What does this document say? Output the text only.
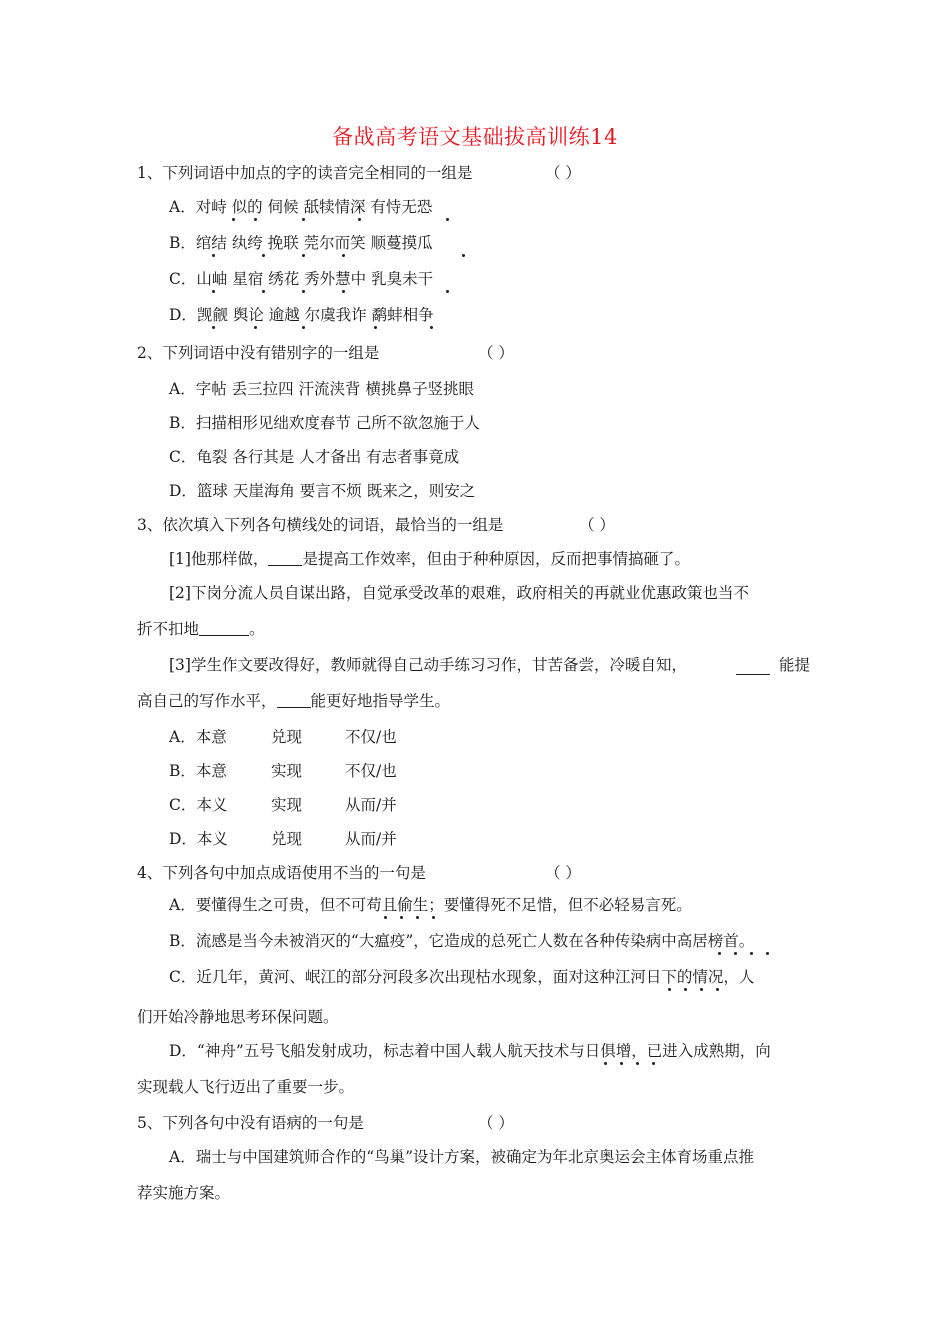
备战高考语文基础拔高训练14
1、下列词语中加点的字的读音完全相同的一组是	（ ）
A．对峙 似的 伺候 舐犊情深 有恃无恐
B．绾结 纨绔 挽联 莞尔而笑 顺蔓摸瓜
C．山岫 星宿 绣花 秀外慧中 乳臭未干
D．觊觎 舆论 逾越 尔虞我诈 鹬蚌相争
2、下列词语中没有错别字的一组是	（ ）
A．字帖 丢三拉四 汗流浃背 横挑鼻子竖挑眼
B．扫描相形见绌欢度春节 己所不欲忽施于人
C．龟裂 各行其是 人才备出 有志者事竟成
D．篮球 天崖海角 要言不烦 既来之，则安之
3、依次填入下列各句横线处的词语，最恰当的一组是	（ ）
[1]他那样做， 是提高工作效率，但由于种种原因，反而把事情搞砸了。
[2]下岗分流人员自谋出路，自觉承受改革的艰难，政府相关的再就业优惠政策也当不
折不扣地	。
[3]学生作文要改得好，教师就得自己动手练习习作，甘苦备尝，冷暖自知，	能提
高自己的写作水平， 能更好地指导学生。
A．本意	兑现	不仅/也
B．本意	实现	不仅/也
C．本义	实现	从而/并
D．本义	兑现	从而/并
4、下列各句中加点成语使用不当的一句是	（ ）
A．要懂得生之可贵，但不可苟且偷生；要懂得死不足惜，但不必轻易言死。
B．流感是当今未被消灭的“大瘟疫”，它造成的总死亡人数在各种传染病中高居榜首。
C．近几年，黄河、岷江的部分河段多次出现枯水现象，面对这种江河日下的情况，人
们开始冷静地思考环保问题。
D．“神舟”五号飞船发射成功，标志着中国人载人航天技术与日俱增，已进入成熟期，向
实现载人飞行迈出了重要一步。
5、下列各句中没有语病的一句是	（ ）
A．瑞士与中国建筑师合作的“鸟巢”设计方案，被确定为年北京奥运会主体育场重点推
荐实施方案。
